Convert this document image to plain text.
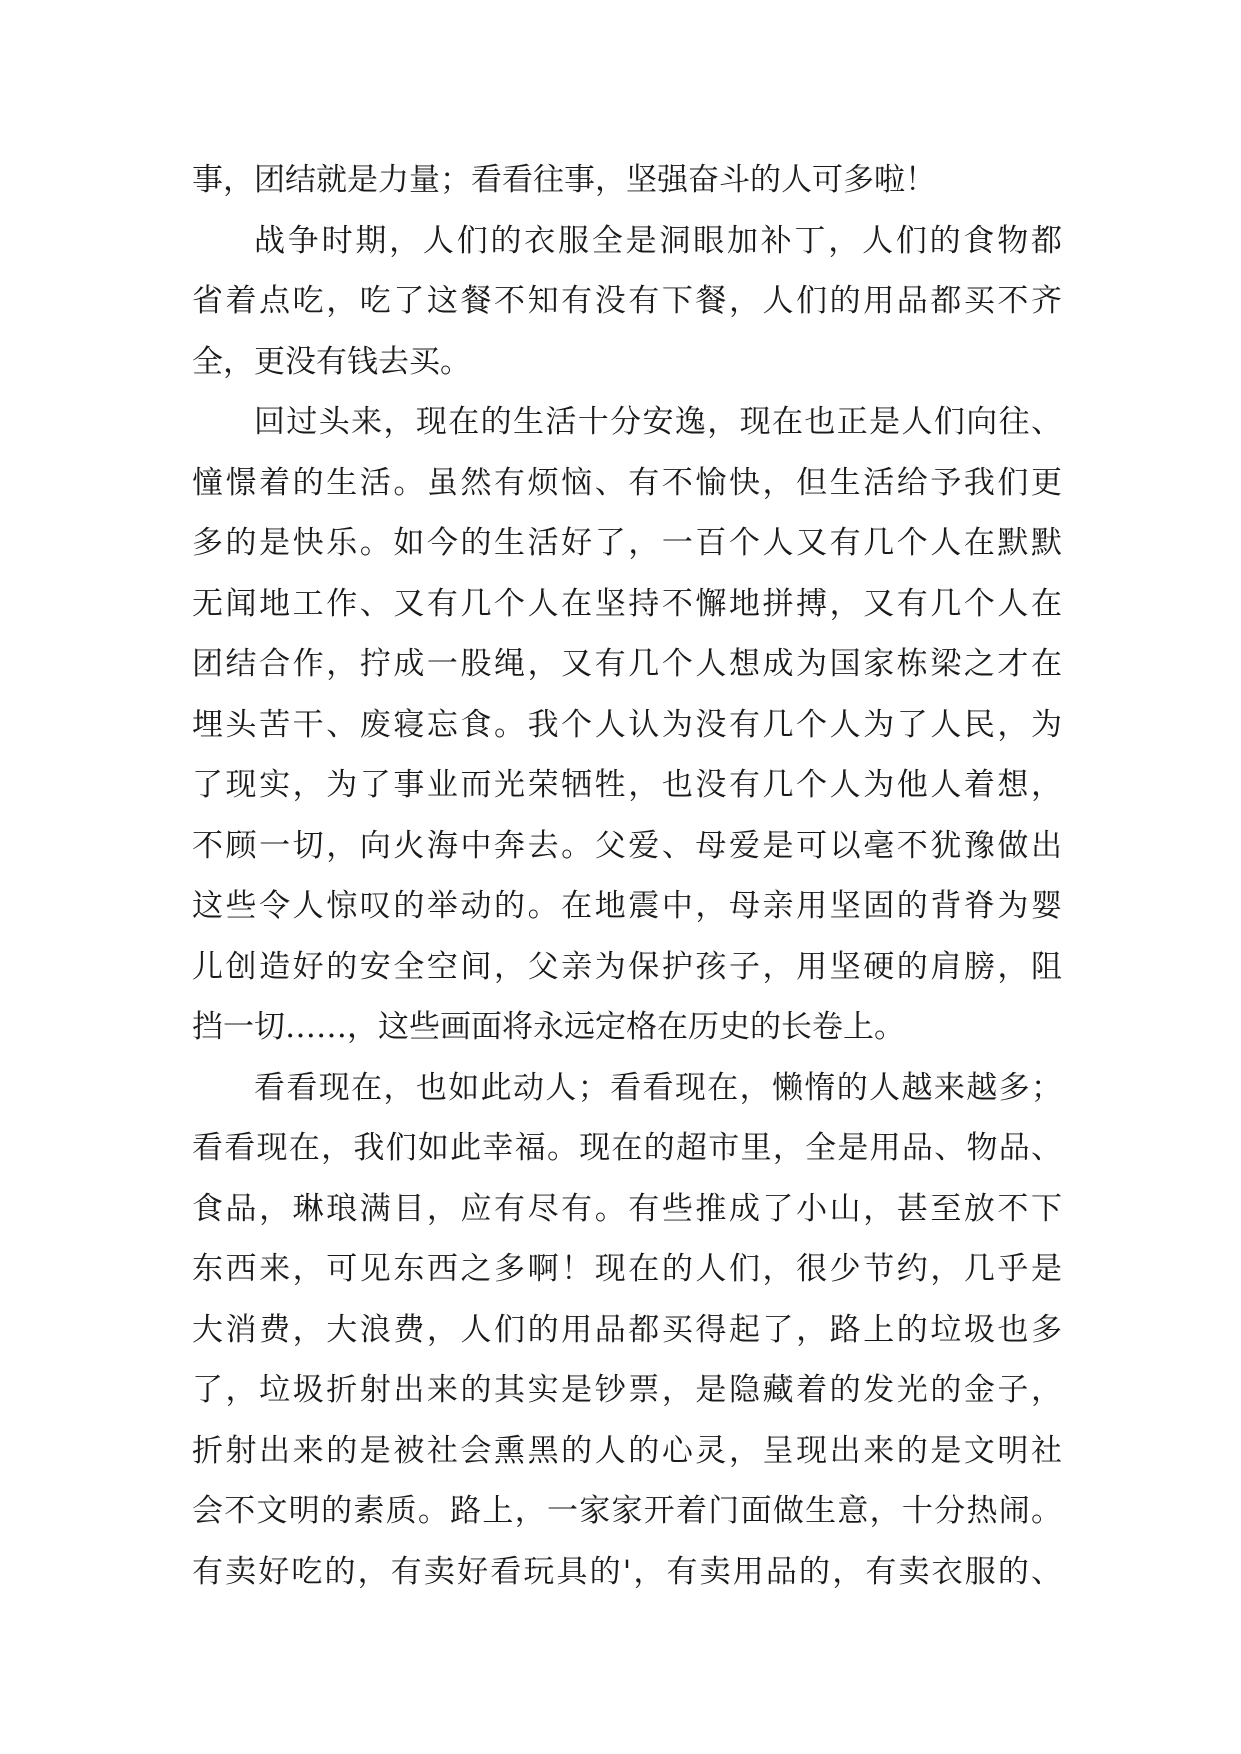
事，团结就是力量；看看往事，坚强奋斗的人可多啦！
战争时期，人们的衣服全是洞眼加补丁，人们的食物都
省着点吃，吃了这餐不知有没有下餐，人们的用品都买不齐
全，更没有钱去买。
回过头来，现在的生活十分安逸，现在也正是人们向往、
憧憬着的生活。虽然有烦恼、有不愉快，但生活给予我们更
多的是快乐。如今的生活好了，一百个人又有几个人在默默
无闻地工作、又有几个人在坚持不懈地拼搏，又有几个人在
团结合作，拧成一股绳，又有几个人想成为国家栋梁之才在
埋头苦干、废寝忘食。我个人认为没有几个人为了人民，为
了现实，为了事业而光荣牺牲，也没有几个人为他人着想，
不顾一切，向火海中奔去。父爱、母爱是可以毫不犹豫做出
这些令人惊叹的举动的。在地震中，母亲用坚固的背脊为婴
儿创造好的安全空间，父亲为保护孩子，用坚硬的肩膀，阻
挡一切……，这些画面将永远定格在历史的长卷上。
看看现在，也如此动人；看看现在，懒惰的人越来越多；
看看现在，我们如此幸福。现在的超市里，全是用品、物品、
食品，琳琅满目，应有尽有。有些推成了小山，甚至放不下
东西来，可见东西之多啊！现在的人们，很少节约，几乎是
大消费，大浪费，人们的用品都买得起了，路上的垃圾也多
了，垃圾折射出来的其实是钞票，是隐藏着的发光的金子，
折射出来的是被社会熏黑的人的心灵，呈现出来的是文明社
会不文明的素质。路上，一家家开着门面做生意，十分热闹。
有卖好吃的，有卖好看玩具的'，有卖用品的，有卖衣服的、
